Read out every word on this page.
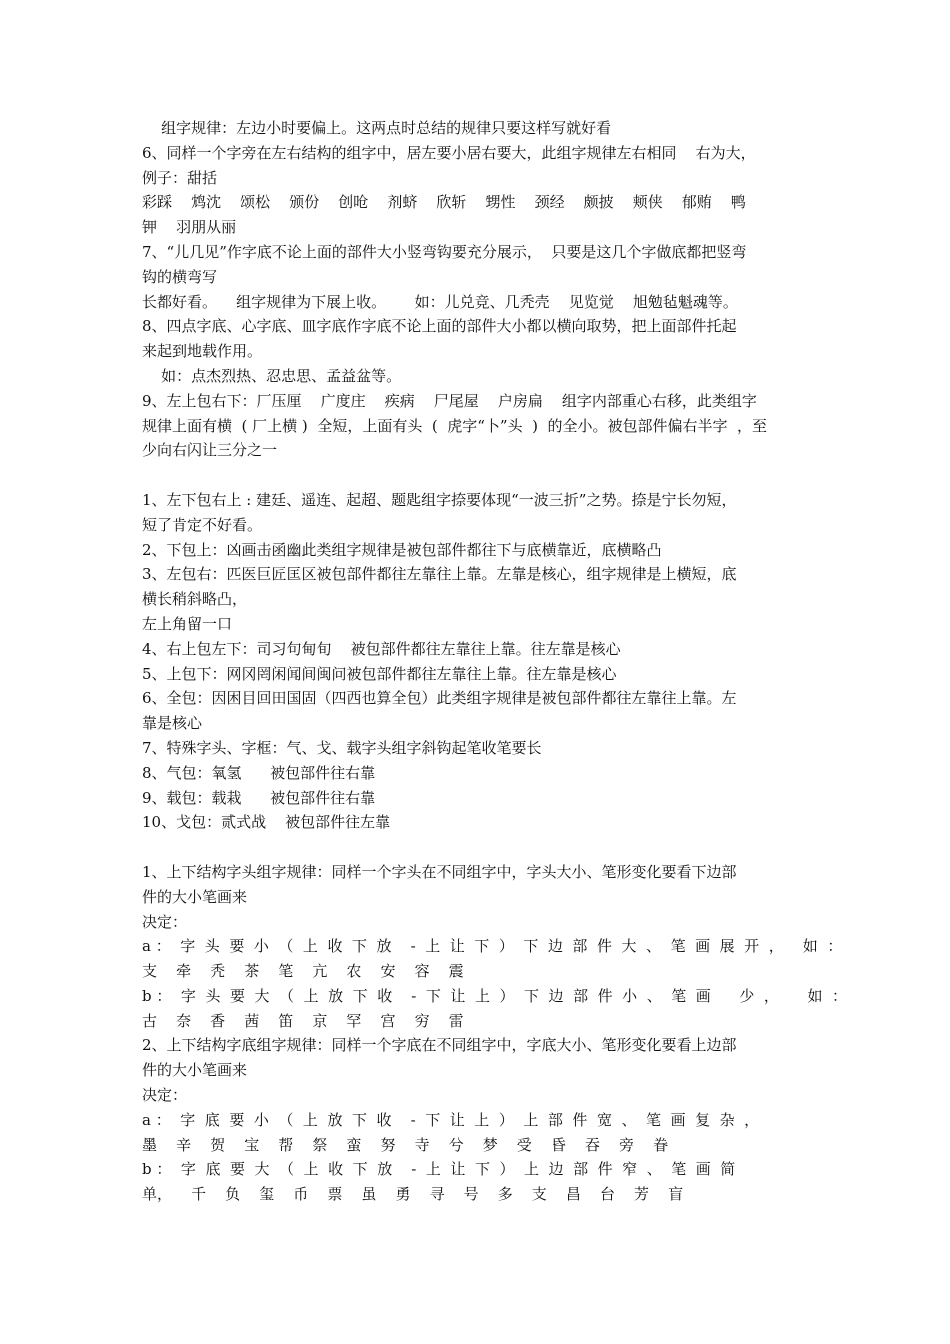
组字规律：左边小时要偏上。这两点时总结的规律只要这样写就好看
6、同样一个字旁在左右结构的组字中，居左要小居右要大，此组字规律左右相同    右为大，
例子：甜括
彩踩    鸩沈    颂松    颁份    创呛    剂蛴    欣斩    甥性    颈经    颇披    颊侠    郁贿    鸭
钾    羽朋从丽
7、“儿几见”作字底不论上面的部件大小竖弯钩要充分展示，  只要是这几个字做底都把竖弯
钩的横弯写
长都好看。    组字规律为下展上收。      如：儿兑竞、几秃壳    见览觉    旭勉毡魁魂等。
8、四点字底、心字底、皿字底作字底不论上面的部件大小都以横向取势，把上面部件托起
来起到地载作用。
如：点杰烈热、忍忠思、孟益盆等。
9、左上包右下：厂压厘    广度庄    疾病    尸尾屋    户房扁    组字内部重心右移，此类组字
规律上面有横  ( 厂上横 )  全短，上面有头  (  虎字“卜”头  )  的全小。被包部件偏右半字  ，至
少向右闪让三分之一
1、左下包右上 : 建廷、遥连、起超、题匙组字捺要体现“一波三折”之势。捺是宁长勿短，
短了肯定不好看。
2、下包上：凶画击函幽此类组字规律是被包部件都往下与底横靠近，底横略凸
3、左包右：匹医巨匠匡区被包部件都往左靠往上靠。左靠是核心，组字规律是上横短，底
横长稍斜略凸，
左上角留一口
4、右上包左下：司习句甸旬    被包部件都往左靠往上靠。往左靠是核心
5、上包下：网冈罔闲闻间闽问被包部件都往左靠往上靠。往左靠是核心
6、全包：因困目回田国固（四西也算全包）此类组字规律是被包部件都往左靠往上靠。左
靠是核心
7、特殊字头、字框：气、戈、载字头组字斜钩起笔收笔要长
8、气包：氧氢      被包部件往右靠
9、载包：载栽      被包部件往右靠
10、戈包：贰式战    被包部件往左靠
1、上下结构字头组字规律：同样一个字头在不同组字中，字头大小、笔形变化要看下边部
件的大小笔画来
决定：
a ：  字  头  要  小  （  上  收  下  放    -  上  让  下  ）  下  边  部  件  大  、  笔  画  展  开  ，    如  ：
支    牵    秃    茶    笔    亢    农    安    容    震
b ：  字  头  要  大  （  上  放  下  收    -  下  让  上  ）  下  边  部  件  小  、  笔  画      少  ，      如  ：
古    奈    香    茜    笛    京    罕    宫    穷    雷
2、上下结构字底组字规律：同样一个字底在不同组字中，字底大小、笔形变化要看上边部
件的大小笔画来
决定：
a ：  字  底  要  小  （  上  放  下  收    -  下  让  上  ）  上  部  件  宽  、  笔  画  复  杂  ，
墨    辛    贺    宝    帮    祭    蛮    努    寺    兮    梦    受    昏    吞    旁    眷
b ：  字  底  要  大  （  上  收  下  放    -  上  让  下  ）  上  边  部  件  窄  、  笔  画  简
单，    千    负    玺    币    票    虽    勇    寻    号    多    支    昌    台    芳    盲
